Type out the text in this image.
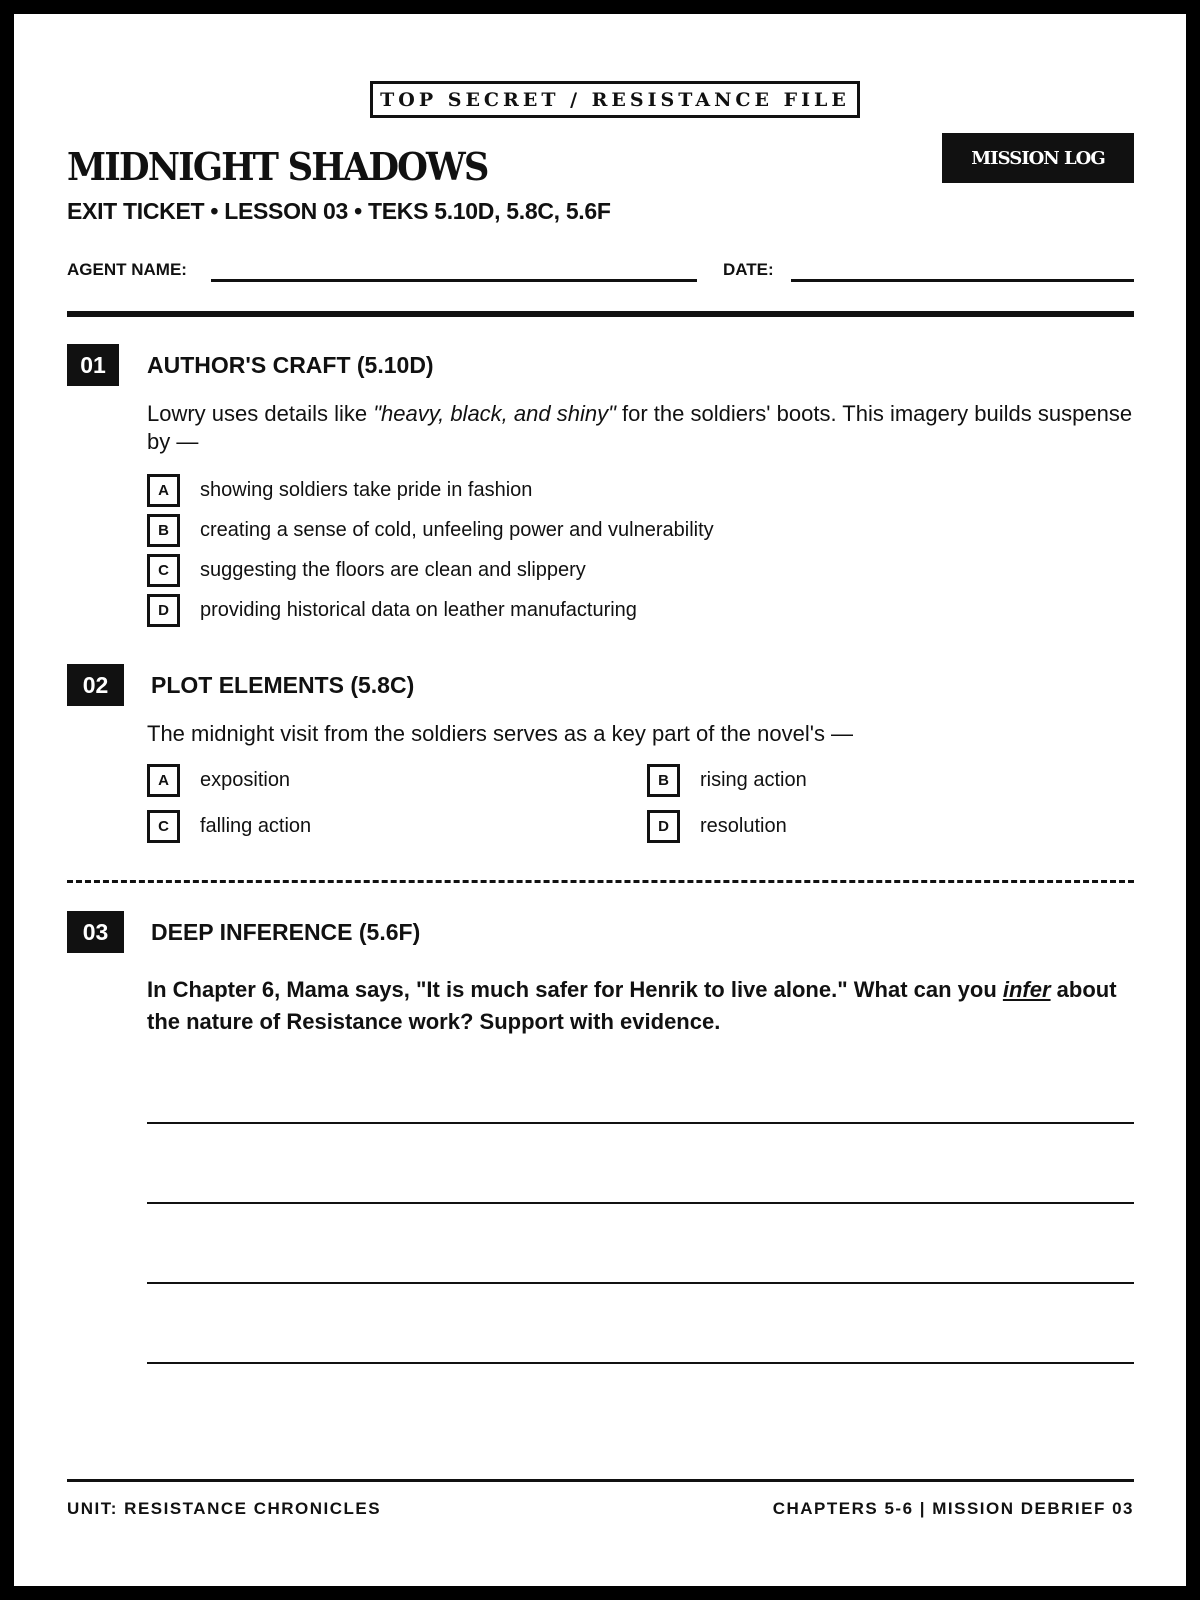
TOP SECRET / RESISTANCE FILE
MIDNIGHT SHADOWS
EXIT TICKET • LESSON 03 • TEKS 5.10D, 5.8C, 5.6F
MISSION LOG
AGENT NAME:	DATE:
01	AUTHOR'S CRAFT (5.10D)
Lowry uses details like "heavy, black, and shiny" for the soldiers' boots. This imagery builds suspense by —
A	showing soldiers take pride in fashion
B	creating a sense of cold, unfeeling power and vulnerability
C	suggesting the floors are clean and slippery
D	providing historical data on leather manufacturing
02	PLOT ELEMENTS (5.8C)
The midnight visit from the soldiers serves as a key part of the novel's —
A	exposition	B	rising action
C	falling action	D	resolution
03	DEEP INFERENCE (5.6F)
In Chapter 6, Mama says, "It is much safer for Henrik to live alone." What can you infer about the nature of Resistance work? Support with evidence.
UNIT: RESISTANCE CHRONICLES	CHAPTERS 5-6 | MISSION DEBRIEF 03
